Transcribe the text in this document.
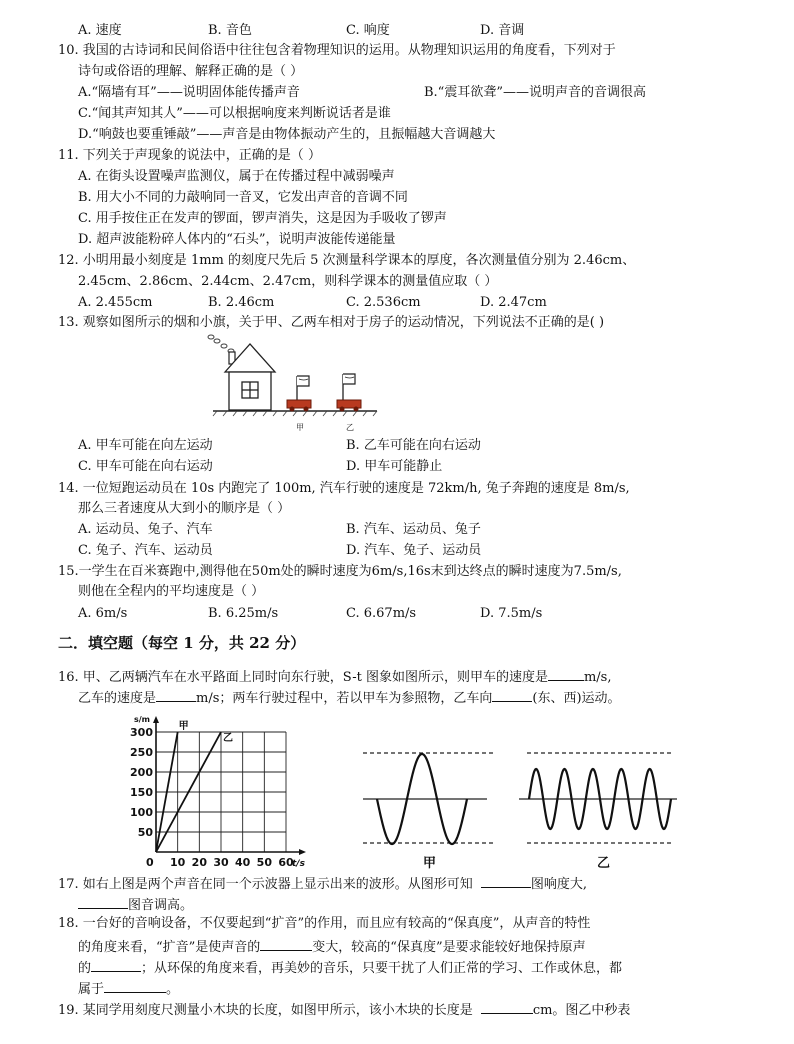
A. 速度	B. 音色	C. 响度	D. 音调
10. 我国的古诗词和民间俗语中往往包含着物理知识的运用。从物理知识运用的角度看，下列对于
诗句或俗语的理解、解释正确的是（ ）
A.“隔墙有耳”——说明固体能传播声音	B.“震耳欲聋”——说明声音的音调很高
C.“闻其声知其人”——可以根据响度来判断说话者是谁
D.“响鼓也要重锤敲”——声音是由物体振动产生的，且振幅越大音调越大
11. 下列关于声现象的说法中，正确的是（ ）
A. 在街头设置噪声监测仪，属于在传播过程中减弱噪声
B. 用大小不同的力敲响同一音叉，它发出声音的音调不同
C. 用手按住正在发声的锣面，锣声消失，这是因为手吸收了锣声
D. 超声波能粉碎人体内的“石头”，说明声波能传递能量
12. 小明用最小刻度是 1mm 的刻度尺先后 5 次测量科学课本的厚度，各次测量值分别为 2.46cm、
2.45cm、2.86cm、2.44cm、2.47cm，则科学课本的测量值应取（ ）
A. 2.455cm	B. 2.46cm	C. 2.536cm	D. 2.47cm
13. 观察如图所示的烟和小旗，关于甲、乙两车相对于房子的运动情况，下列说法不正确的是( )
甲	乙
A. 甲车可能在向左运动	B. 乙车可能在向右运动
C. 甲车可能在向右运动	D. 甲车可能静止
14. 一位短跑运动员在 10s 内跑完了 100m, 汽车行驶的速度是 72km/h, 兔子奔跑的速度是 8m/s,
那么三者速度从大到小的顺序是（ ）
A. 运动员、兔子、汽车	B. 汽车、运动员、兔子
C. 兔子、汽车、运动员	D. 汽车、兔子、运动员
15.一学生在百米赛跑中,测得他在50m处的瞬时速度为6m/s,16s末到达终点的瞬时速度为7.5m/s,
则他在全程内的平均速度是（ ）
A. 6m/s	B. 6.25m/s	C. 6.67m/s	D. 7.5m/s
二．填空题（每空 1 分，共 22 分）
16. 甲、乙两辆汽车在水平路面上同时向东行驶，S-t 图象如图所示，则甲车的速度是	m/s,
乙车的速度是	m/s；两车行驶过程中，若以甲车为参照物，乙车向	(东、西)运动。
0 10 20 30 40 50 60
50
100
150
200
250
300
s/m
t/s
甲
乙
甲	乙
17. 如右上图是两个声音在同一个示波器上显示出来的波形。从图形可知	图响度大,
图音调高。
18. 一台好的音响设备，不仅要起到“扩音”的作用，而且应有较高的“保真度”，从声音的特性
的角度来看，“扩音”是使声音的	变大，较高的“保真度”是要求能较好地保持原声
的	；从环保的角度来看，再美妙的音乐，只要干扰了人们正常的学习、工作或休息，都
属于	。
19. 某同学用刻度尺测量小木块的长度，如图甲所示，该小木块的长度是	cm。图乙中秒表
